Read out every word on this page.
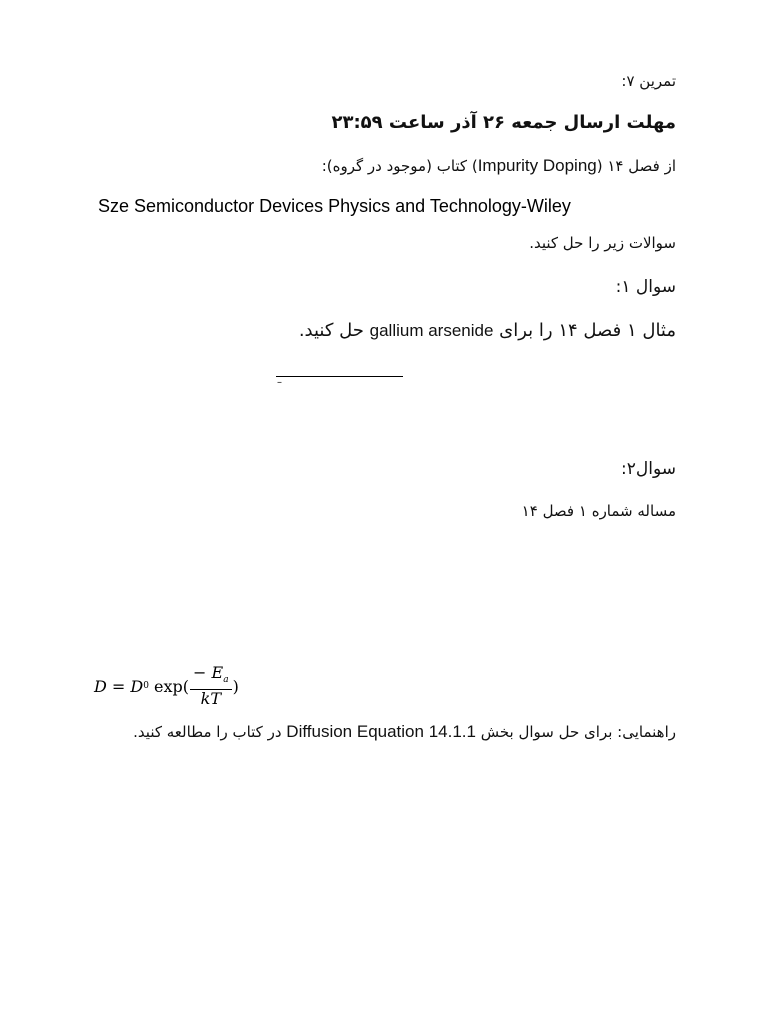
تمرین ۷:
مهلت ارسال جمعه ۲۶ آذر ساعت ۲۳:۵۹
از فصل ۱۴ (Impurity Doping) کتاب (موجود در گروه):
Sze Semiconductor Devices Physics and Technology-Wiley
سوالات زیر را حل کنید.
سوال ۱:
مثال ۱ فصل ۱۴ را برای gallium arsenide حل کنید.
–
سوال۲:
مساله شماره ۱ فصل ۱۴
D = D 0 $\exp( \frac{- E_a}{kT}$ )
راهنمایی: برای حل سوال بخش 14.1.1 Diffusion Equation در کتاب را مطالعه کنید.
